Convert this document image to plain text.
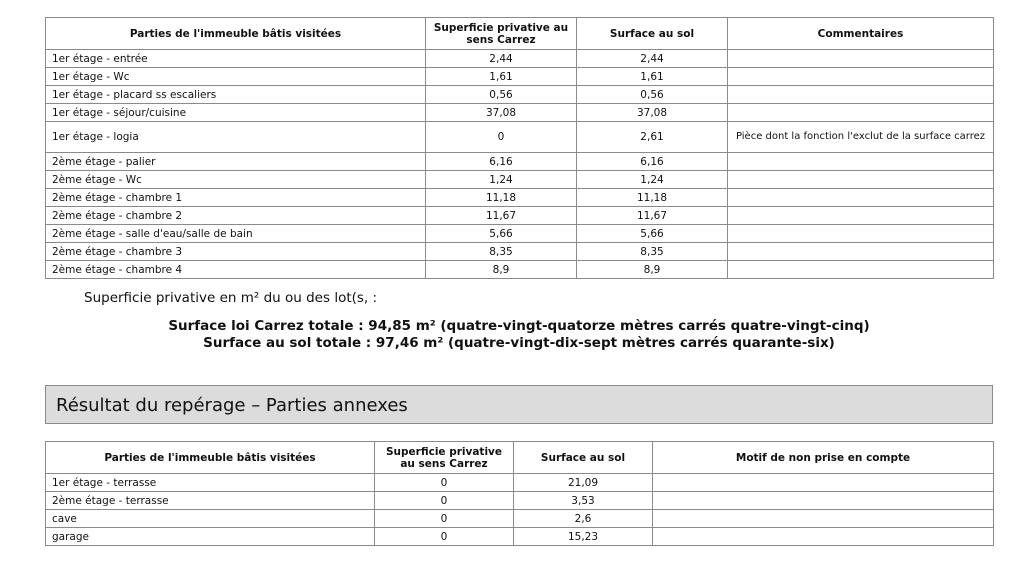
Parties de l'immeuble bâtis visitées	Superficie privative au sens Carrez	Surface au sol	Commentaires
1er étage - entrée	2,44	2,44	
1er étage - Wc	1,61	1,61	
1er étage - placard ss escaliers	0,56	0,56	
1er étage - séjour/cuisine	37,08	37,08	
1er étage - logia	0	2,61	Pièce dont la fonction l'exclut de la surface carrez
2ème étage - palier	6,16	6,16	
2ème étage - Wc	1,24	1,24	
2ème étage - chambre 1	11,18	11,18	
2ème étage - chambre 2	11,67	11,67	
2ème étage - salle d'eau/salle de bain	5,66	5,66	
2ème étage - chambre 3	8,35	8,35	
2ème étage - chambre 4	8,9	8,9	
Superficie privative en m² du ou des lot(s, :
Surface loi Carrez totale : 94,85 m² (quatre-vingt-quatorze mètres carrés quatre-vingt-cinq)
Surface au sol totale : 97,46 m² (quatre-vingt-dix-sept mètres carrés quarante-six)
Résultat du repérage – Parties annexes
Parties de l'immeuble bâtis visitées	Superficie privative au sens Carrez	Surface au sol	Motif de non prise en compte
1er étage - terrasse	0	21,09	
2ème étage - terrasse	0	3,53	
cave	0	2,6	
garage	0	15,23	
